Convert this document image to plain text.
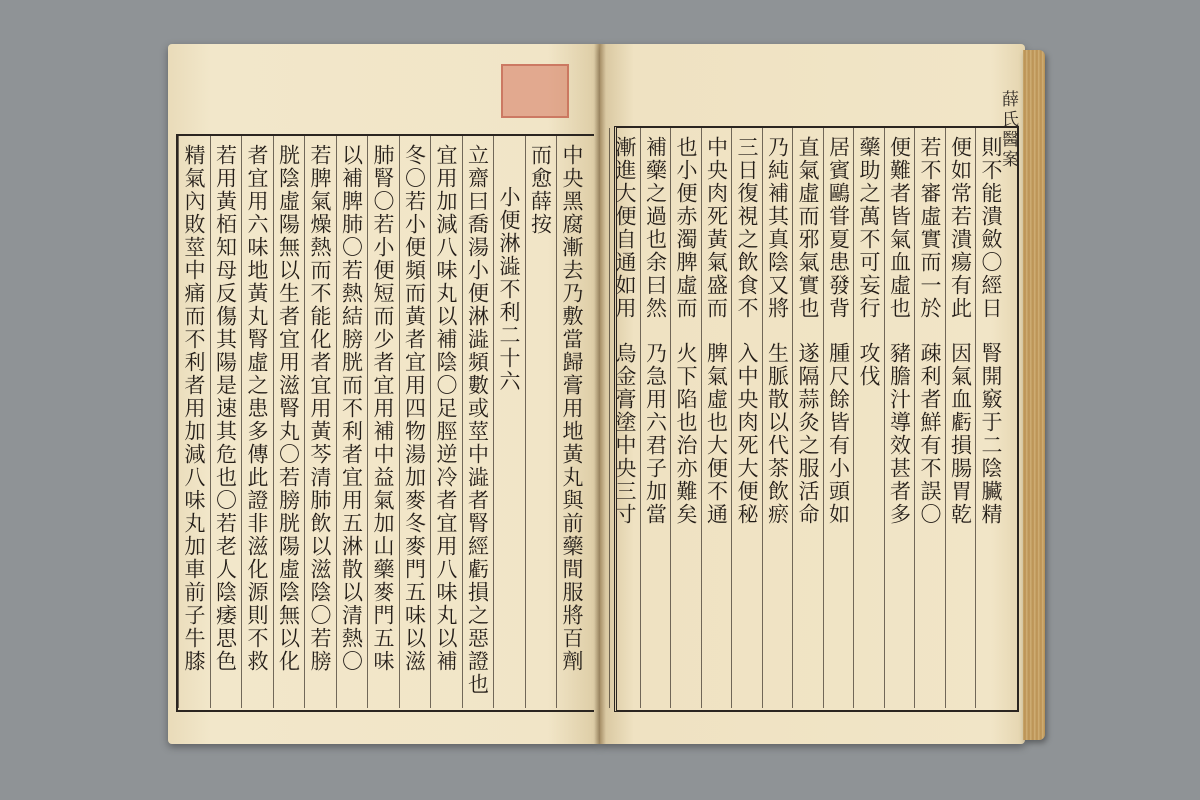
薛氏醫案
則不能潰斂〇經日
腎開竅于二陰臟精
便如常若潰瘍有此
因氣血虧損腸胃乾
若不審虛實而一於
疎利者鮮有不誤〇
便難者皆氣血虛也
豬膽汁導效甚者多
藥助之萬不可妄行
攻伐
居賓鷗甞夏患發背
腫尺餘皆有小頭如
直氣虛而邪氣實也
遂隔蒜灸之服活命
乃純補其真陰又將
生脈散以代茶飲瘀
三日復視之飲食不
入中央肉死大便秘
中央肉死黃氣盛而
脾氣虛也大便不通
也小便赤濁脾虛而
火下陷也治亦難矣
補藥之過也余曰然
乃急用六君子加當
漸進大便自通如用
烏金膏塗中央三寸
中央黑腐漸去乃敷當歸膏用地黃丸與前藥間服將百劑
而愈薛按
小便淋澁不利二十六
立齋曰喬湯小便淋澁頻數或莖中澁者腎經虧損之惡證也
宜用加減八味丸以補陰〇足脛逆冷者宜用八味丸以補
冬〇若小便頻而黃者宜用四物湯加麥冬麥門五味以滋
肺腎〇若小便短而少者宜用補中益氣加山藥麥門五味
以補脾肺〇若熱結膀胱而不利者宜用五淋散以清熱〇
若脾氣燥熱而不能化者宜用黃芩清肺飲以滋陰〇若膀
胱陰虛陽無以生者宜用滋腎丸〇若膀胱陽虛陰無以化
者宜用六味地黃丸腎虛之患多傳此證非滋化源則不救
若用黃栢知母反傷其陽是速其危也〇若老人陰痿思色
精氣內敗莖中痛而不利者用加減八味丸加車前子牛膝
